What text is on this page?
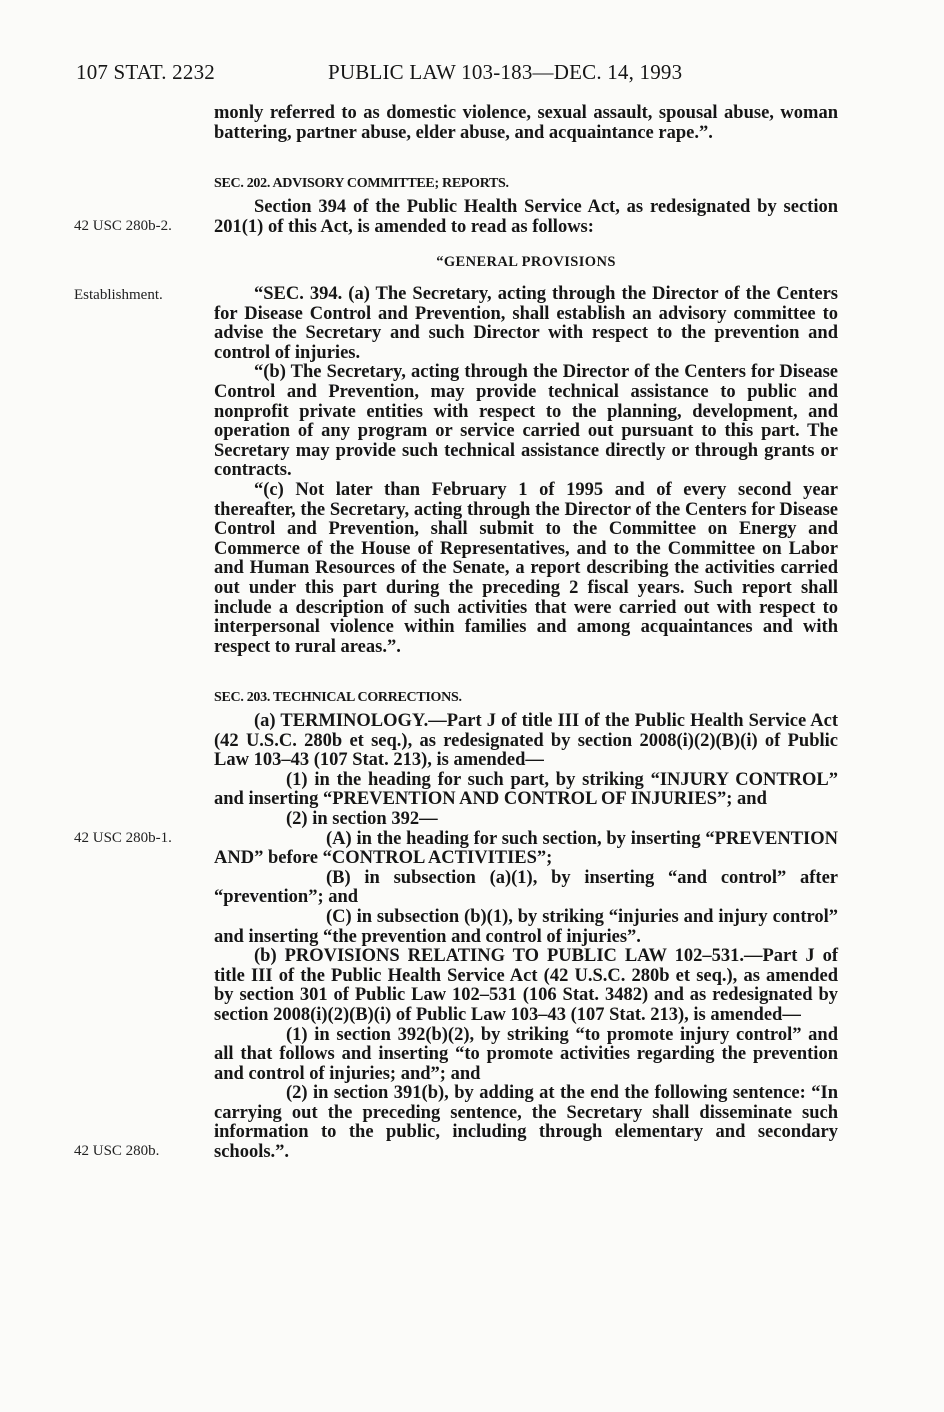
107 STAT. 2232	PUBLIC LAW 103-183—DEC. 14, 1993
42 USC 280b-2.
Establishment.
42 USC 280b-1.
42 USC 280b.

monly referred to as domestic violence, sexual assault, spousal abuse, woman battering, partner abuse, elder abuse, and acquaintance rape.”.

SEC. 202. ADVISORY COMMITTEE; REPORTS.
Section 394 of the Public Health Service Act, as redesignated by section 201(1) of this Act, is amended to read as follows:
“GENERAL PROVISIONS

“SEC. 394. (a) The Secretary, acting through the Director of the Centers for Disease Control and Prevention, shall establish an advisory committee to advise the Secretary and such Director with respect to the prevention and control of injuries.

“(b) The Secretary, acting through the Director of the Centers for Disease Control and Prevention, may provide technical assistance to public and nonprofit private entities with respect to the planning, development, and operation of any program or service carried out pursuant to this part. The Secretary may provide such technical assistance directly or through grants or contracts.

“(c) Not later than February 1 of 1995 and of every second year thereafter, the Secretary, acting through the Director of the Centers for Disease Control and Prevention, shall submit to the Committee on Energy and Commerce of the House of Representatives, and to the Committee on Labor and Human Resources of the Senate, a report describing the activities carried out under this part during the preceding 2 fiscal years. Such report shall include a description of such activities that were carried out with respect to interpersonal violence within families and among acquaintances and with respect to rural areas.”.

SEC. 203. TECHNICAL CORRECTIONS.

(a) TERMINOLOGY.—Part J of title III of the Public Health Service Act (42 U.S.C. 280b et seq.), as redesignated by section 2008(i)(2)(B)(i) of Public Law 103–43 (107 Stat. 213), is amended—

(1) in the heading for such part, by striking “INJURY CONTROL” and inserting “PREVENTION AND CONTROL OF INJURIES”; and

(2) in section 392—

(A) in the heading for such section, by inserting “PREVENTION AND” before “CONTROL ACTIVITIES”;

(B) in subsection (a)(1), by inserting “and control” after “prevention”; and

(C) in subsection (b)(1), by striking “injuries and injury control” and inserting “the prevention and control of injuries”.

(b) PROVISIONS RELATING TO PUBLIC LAW 102–531.—Part J of title III of the Public Health Service Act (42 U.S.C. 280b et seq.), as amended by section 301 of Public Law 102–531 (106 Stat. 3482) and as redesignated by section 2008(i)(2)(B)(i) of Public Law 103–43 (107 Stat. 213), is amended—

(1) in section 392(b)(2), by striking “to promote injury control” and all that follows and inserting “to promote activities regarding the prevention and control of injuries; and”; and

(2) in section 391(b), by adding at the end the following sentence: “In carrying out the preceding sentence, the Secretary shall disseminate such information to the public, including through elementary and secondary schools.”.
